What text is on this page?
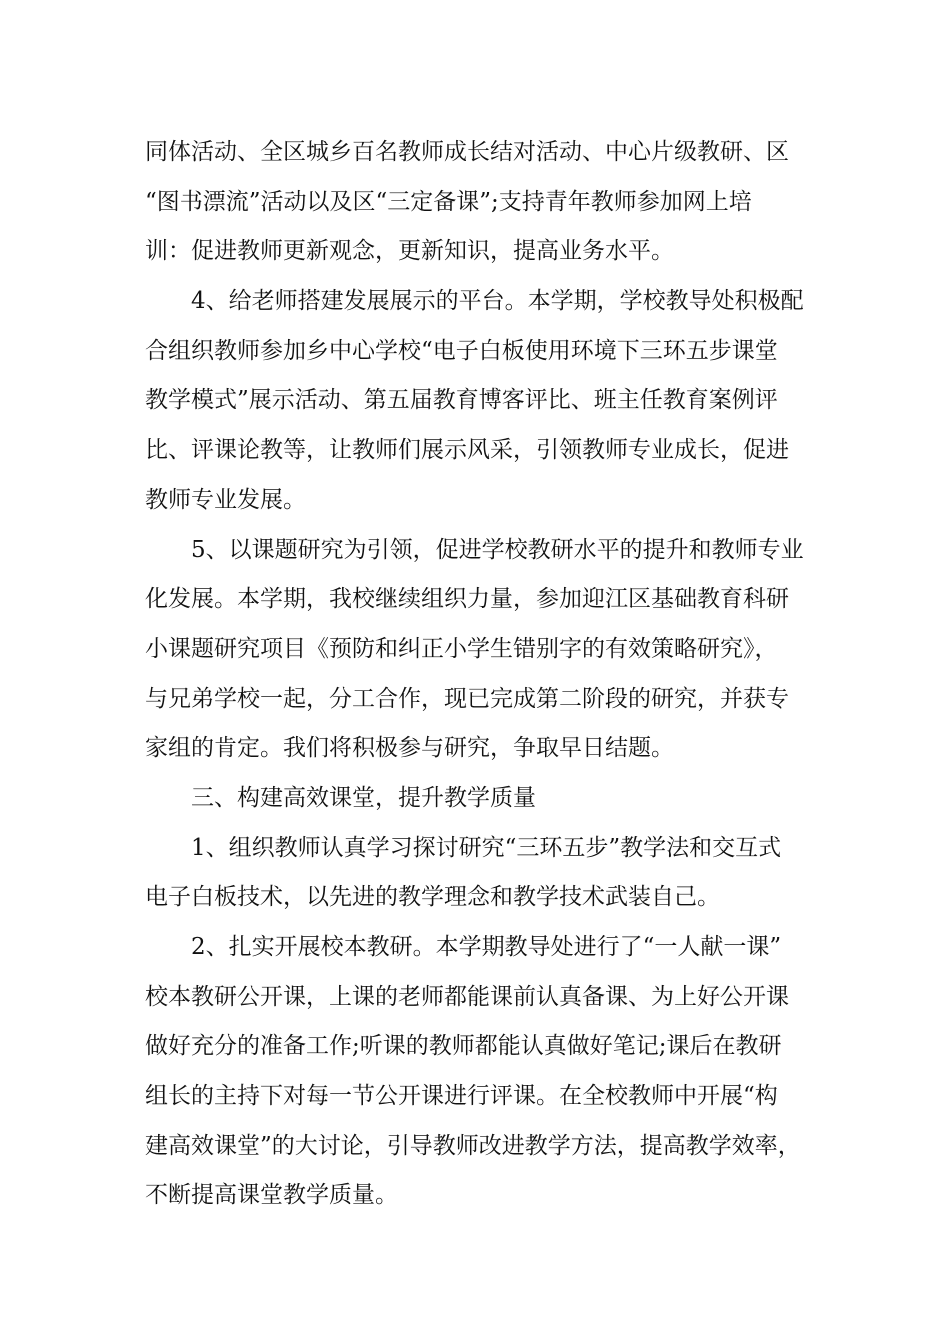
同体活动、全区城乡百名教师成长结对活动、中心片级教研、区
“图书漂流”活动以及区“三定备课”;支持青年教师参加网上培
训：促进教师更新观念，更新知识，提高业务水平。
4、给老师搭建发展展示的平台。本学期，学校教导处积极配
合组织教师参加乡中心学校“电子白板使用环境下三环五步课堂
教学模式”展示活动、第五届教育博客评比、班主任教育案例评
比、评课论教等，让教师们展示风采，引领教师专业成长，促进
教师专业发展。
5、以课题研究为引领，促进学校教研水平的提升和教师专业
化发展。本学期，我校继续组织力量，参加迎江区基础教育科研
小课题研究项目《预防和纠正小学生错别字的有效策略研究》，
与兄弟学校一起，分工合作，现已完成第二阶段的研究，并获专
家组的肯定。我们将积极参与研究，争取早日结题。
三、构建高效课堂，提升教学质量
1、组织教师认真学习探讨研究“三环五步”教学法和交互式
电子白板技术，以先进的教学理念和教学技术武装自己。
2、扎实开展校本教研。本学期教导处进行了“一人献一课”
校本教研公开课，上课的老师都能课前认真备课、为上好公开课
做好充分的准备工作;听课的教师都能认真做好笔记;课后在教研
组长的主持下对每一节公开课进行评课。在全校教师中开展“构
建高效课堂”的大讨论，引导教师改进教学方法，提高教学效率，
不断提高课堂教学质量。
